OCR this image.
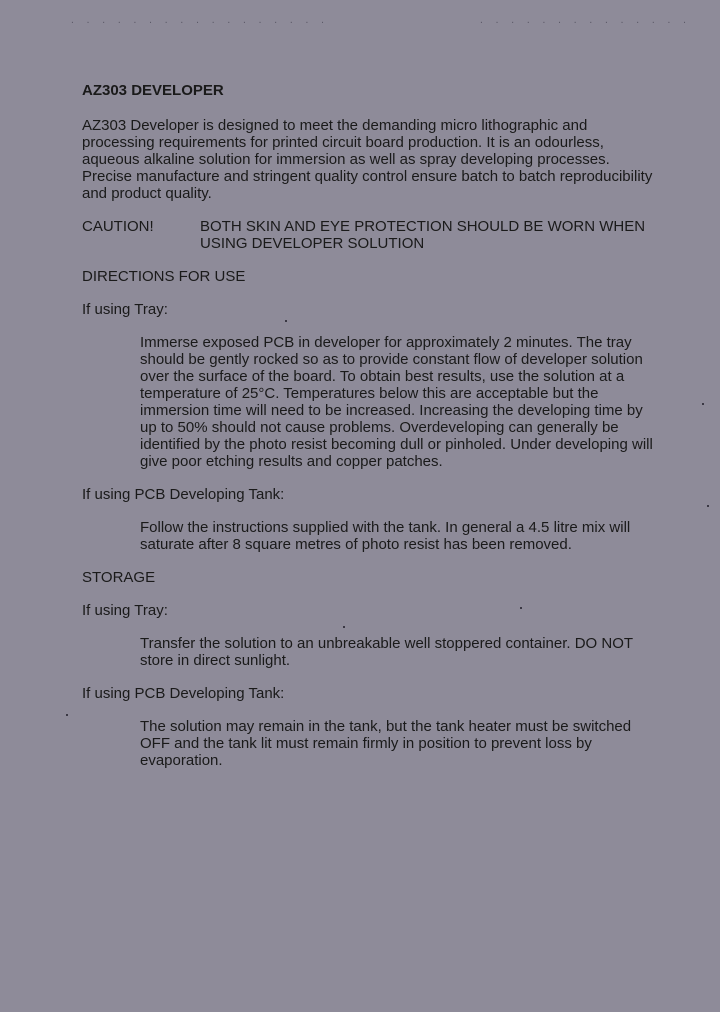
. . . . . . . . . . . . . . . . .	. . . . . . . . . . . . . .
AZ303 DEVELOPER
AZ303 Developer is designed to meet the demanding micro lithographic and processing requirements for printed circuit board production. It is an odourless, aqueous alkaline solution for immersion as well as spray developing processes. Precise manufacture and stringent quality control ensure batch to batch reproducibility and product quality.
CAUTION!	BOTH SKIN AND EYE PROTECTION SHOULD BE WORN WHEN USING DEVELOPER SOLUTION
DIRECTIONS FOR USE
If using Tray:
Immerse exposed PCB in developer for approximately 2 minutes. The tray should be gently rocked so as to provide constant flow of developer solution over the surface of the board. To obtain best results, use the solution at a temperature of 25°C. Temperatures below this are acceptable but the immersion time will need to be increased. Increasing the developing time by up to 50% should not cause problems. Overdeveloping can generally be identified by the photo resist becoming dull or pinholed. Under developing will give poor etching results and copper patches.
If using PCB Developing Tank:
Follow the instructions supplied with the tank. In general a 4.5 litre mix will saturate after 8 square metres of photo resist has been removed.
STORAGE
If using Tray:
Transfer the solution to an unbreakable well stoppered container. DO NOT store in direct sunlight.
If using PCB Developing Tank:
The solution may remain in the tank, but the tank heater must be switched OFF and the tank lit must remain firmly in position to prevent loss by evaporation.
